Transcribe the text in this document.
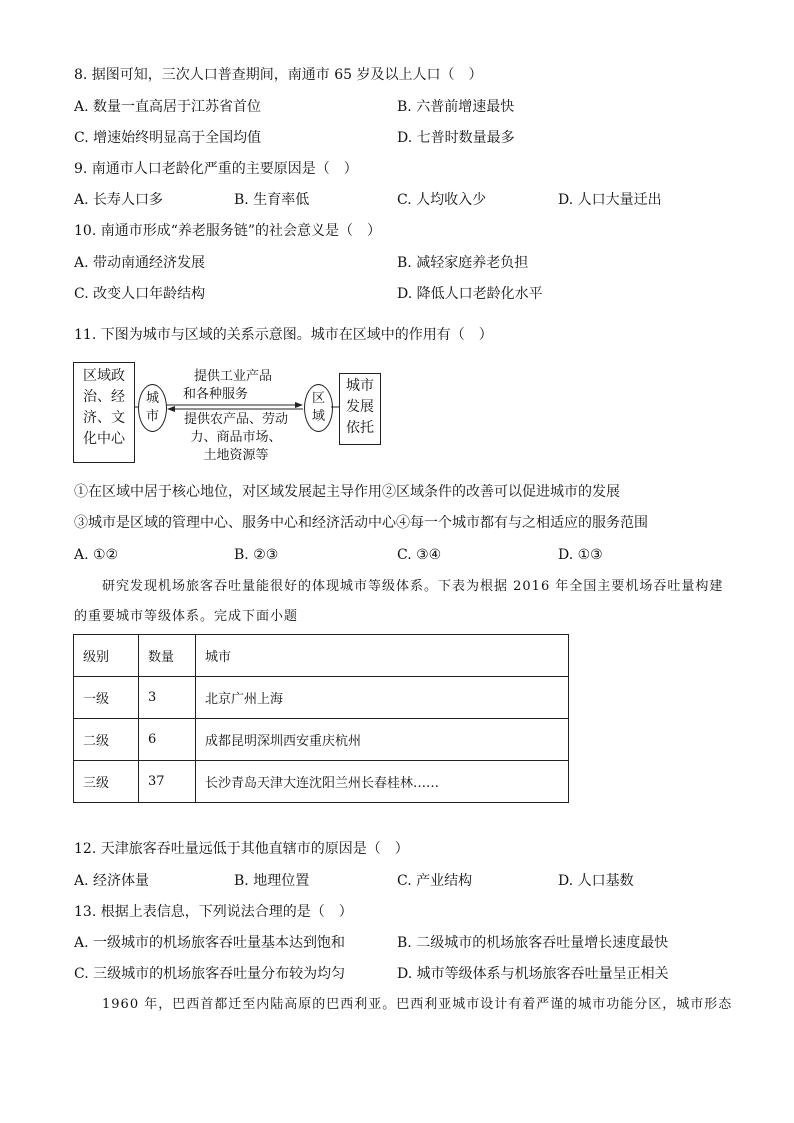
8. 据图可知，三次人口普查期间，南通市 65 岁及以上人口（　）
A. 数量一直高居于江苏省首位	B. 六普前增速最快
C. 增速始终明显高于全国均值	D. 七普时数量最多
9. 南通市人口老龄化严重的主要原因是（　）
A. 长寿人口多	B. 生育率低	C. 人均收入少	D. 人口大量迁出
10. 南通市形成“养老服务链”的社会意义是（　）
A. 带动南通经济发展	B. 减轻家庭养老负担
C. 改变人口年龄结构	D. 降低人口老龄化水平
11. 下图为城市与区域的关系示意图。城市在区域中的作用有（　）
区域政
治、经
济、文
化中心
城
市
区
域
城市
发展
依托
提供工业产品
和各种服务
提供农产品、劳动
力、商品市场、
土地资源等
①在区域中居于核心地位，对区域发展起主导作用②区域条件的改善可以促进城市的发展
③城市是区域的管理中心、服务中心和经济活动中心④每一个城市都有与之相适应的服务范围
A. ①②	B. ②③	C. ③④	D. ①③
研究发现机场旅客吞吐量能很好的体现城市等级体系。下表为根据 2016 年全国主要机场吞吐量构建
的重要城市等级体系。完成下面小题
级别	数量	城市
一级	3	北京广州上海
二级	6	成都昆明深圳西安重庆杭州
三级	37	长沙青岛天津大连沈阳兰州长春桂林……
12. 天津旅客吞吐量远低于其他直辖市的原因是（　）
A. 经济体量	B. 地理位置	C. 产业结构	D. 人口基数
13. 根据上表信息，下列说法合理的是（　）
A. 一级城市的机场旅客吞吐量基本达到饱和	B. 二级城市的机场旅客吞吐量增长速度最快
C. 三级城市的机场旅客吞吐量分布较为均匀	D. 城市等级体系与机场旅客吞吐量呈正相关
1960 年，巴西首都迁至内陆高原的巴西利亚。巴西利亚城市设计有着严谨的城市功能分区，城市形态
